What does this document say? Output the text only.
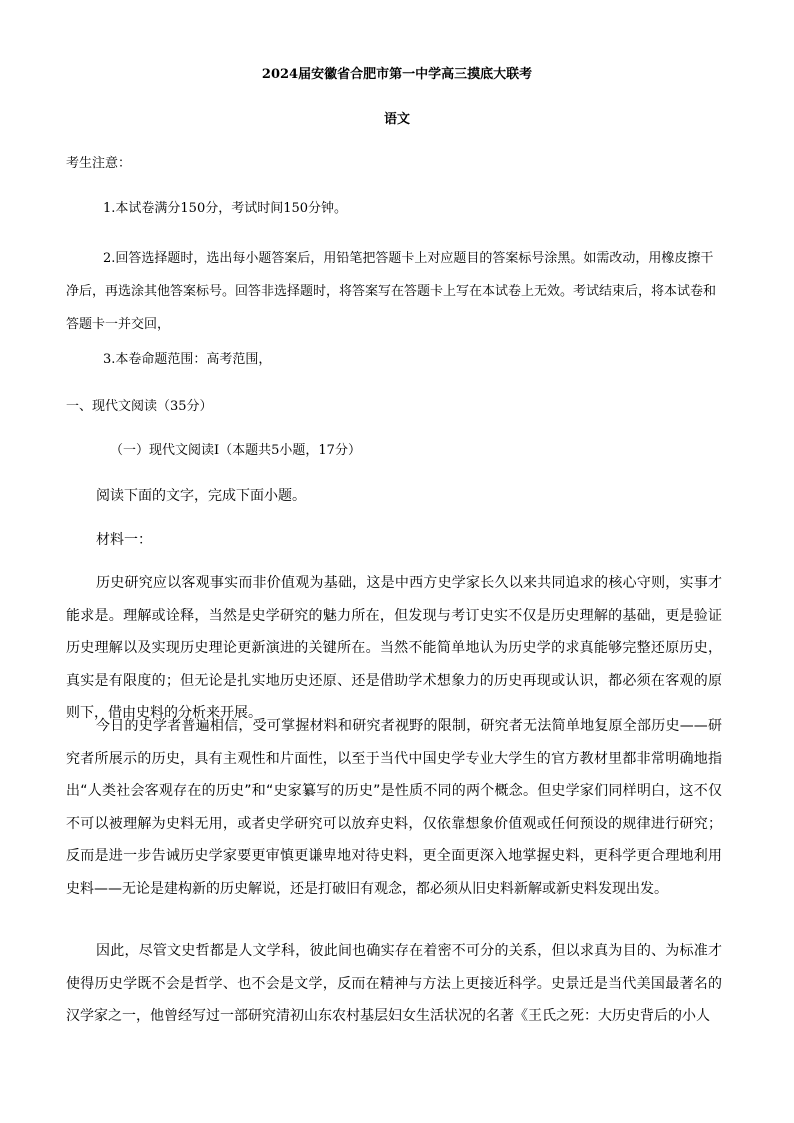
2024届安徽省合肥市第一中学高三摸底大联考
语文
考生注意：
1.本试卷满分150分，考试时间150分钟。
2.回答选择题时，选出每小题答案后，用铅笔把答题卡上对应题目的答案标号涂黑。如需改动，用橡皮擦干净后，再选涂其他答案标号。回答非选择题时，将答案写在答题卡上写在本试卷上无效。考试结束后，将本试卷和答题卡一并交回，
3.本卷命题范围：高考范围，
一、现代文阅读（35分）
（一）现代文阅读I（本题共5小题，17分）
阅读下面的文字，完成下面小题。
材料一：
历史研究应以客观事实而非价值观为基础，这是中西方史学家长久以来共同追求的核心守则，实事才能求是。理解或诠释，当然是史学研究的魅力所在，但发现与考订史实不仅是历史理解的基础，更是验证历史理解以及实现历史理论更新演进的关键所在。当然不能简单地认为历史学的求真能够完整还原历史，真实是有限度的；但无论是扎实地历史还原、还是借助学术想象力的历史再现或认识，都必须在客观的原则下，借由史料的分析来开展。
今日的史学者普遍相信，受可掌握材料和研究者视野的限制，研究者无法简单地复原全部历史——研究者所展示的历史，具有主观性和片面性，以至于当代中国史学专业大学生的官方教材里都非常明确地指出“人类社会客观存在的历史”和“史家纂写的历史”是性质不同的两个概念。但史学家们同样明白，这不仅不可以被理解为史料无用，或者史学研究可以放弃史料，仅依靠想象价值观或任何预设的规律进行研究；反而是进一步告诫历史学家要更审慎更谦卑地对待史料，更全面更深入地掌握史料，更科学更合理地利用史料——无论是建构新的历史解说，还是打破旧有观念，都必须从旧史料新解或新史料发现出发。
因此，尽管文史哲都是人文学科，彼此间也确实存在着密不可分的关系，但以求真为目的、为标准才使得历史学既不会是哲学、也不会是文学，反而在精神与方法上更接近科学。史景迁是当代美国最著名的汉学家之一，他曾经写过一部研究清初山东农村基层妇女生活状况的名著《王氏之死：大历史背后的小人
